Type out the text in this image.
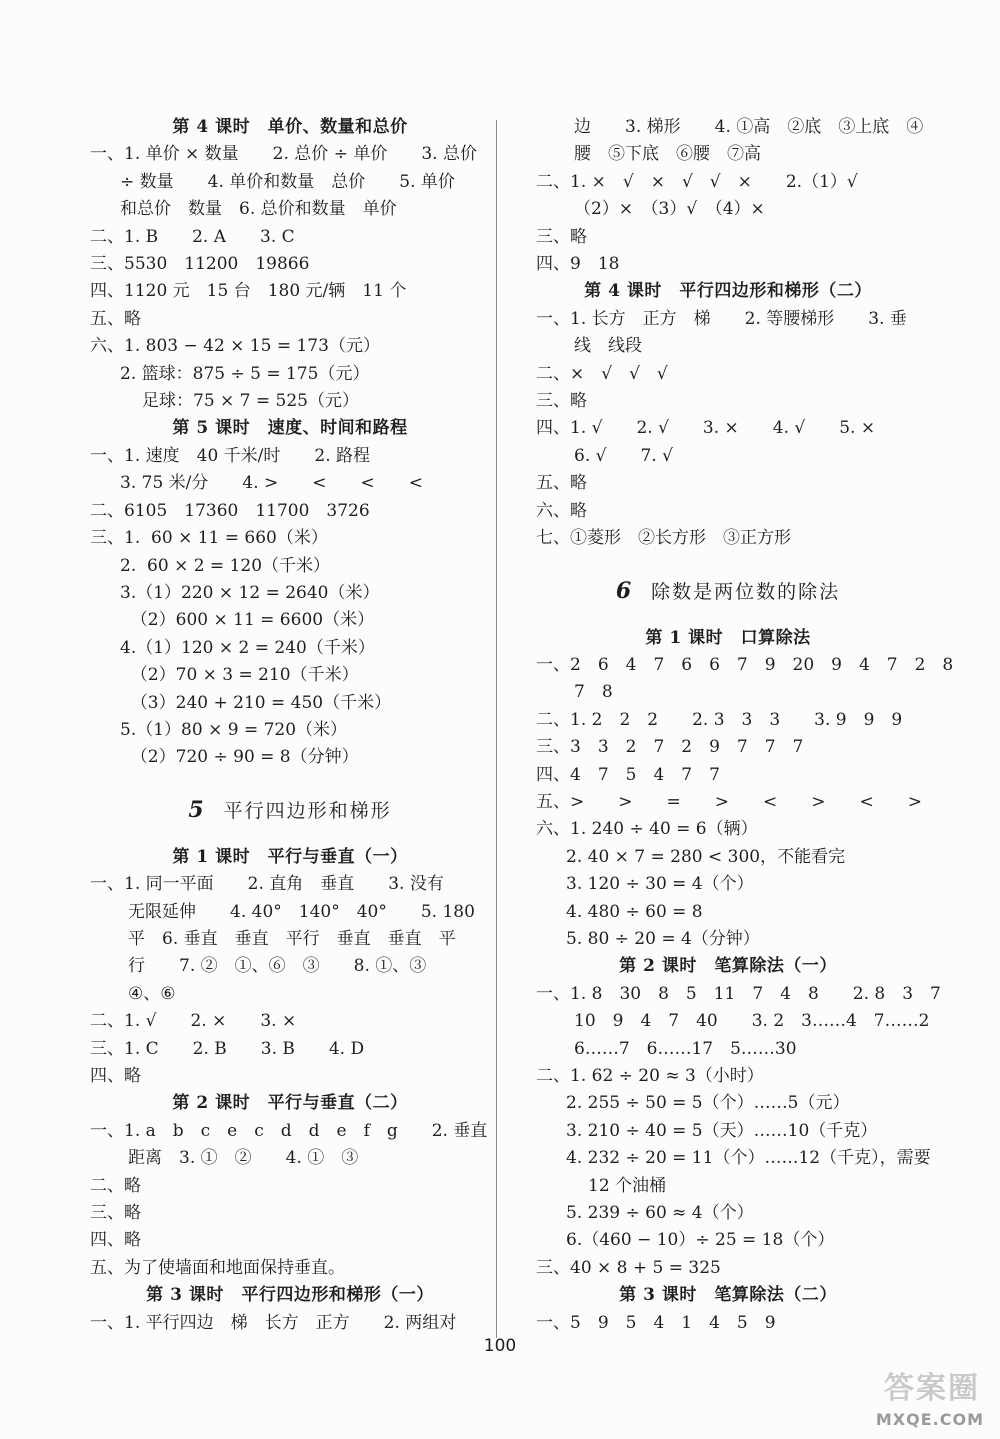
第 4 课时　单价、数量和总价
一、1. 单价 × 数量　　2. 总价 ÷ 单价　　3. 总价
÷ 数量　　4. 单价和数量　总价　　5. 单价
和总价　数量　6. 总价和数量　单价
二、1. B　　2. A　　3. C
三、5530　11200　19866
四、1120 元　15 台　180 元/辆　11 个
五、略
六、1. 803 − 42 × 15 = 173（元）
2. 篮球：875 ÷ 5 = 175（元）
足球：75 × 7 = 525（元）
第 5 课时　速度、时间和路程
一、1. 速度　40 千米/时　　2. 路程
3. 75 米/分　　4. >　　<　　<　　<
二、6105　17360　11700　3726
三、1.  60 × 11 = 660（米）
2.  60 × 2 = 120（千米）
3.（1）220 × 12 = 2640（米）
（2）600 × 11 = 6600（米）
4.（1）120 × 2 = 240（千米）
（2）70 × 3 = 210（千米）
（3）240 + 210 = 450（千米）
5.（1）80 × 9 = 720（米）
（2）720 ÷ 90 = 8（分钟）
5 平行四边形和梯形
第 1 课时　平行与垂直（一）
一、1. 同一平面　　2. 直角　垂直　　3. 没有
无限延伸　　4. 40°　140°　40°　　5. 180
平　6. 垂直　垂直　平行　垂直　垂直　平
行　　7. ②　①、⑥　③　　8. ①、③
④、⑥
二、1. √　　2. ×　　3. ×
三、1. C　　2. B　　3. B　　4. D
四、略
第 2 课时　平行与垂直（二）
一、1. a　b　c　e　c　d　d　e　f　g　　2. 垂直
距离　3. ①　②　　4. ①　③
二、略
三、略
四、略
五、为了使墙面和地面保持垂直。
第 3 课时　平行四边形和梯形（一）
一、1. 平行四边　梯　长方　正方　　2. 两组对
边　　3. 梯形　　4. ①高　②底　③上底　④
腰　⑤下底　⑥腰　⑦高
二、1. ×　√　×　√　√　×　　2.（1）√
（2）×　（3）√　（4）×
三、略
四、9　18
第 4 课时　平行四边形和梯形（二）
一、1. 长方　正方　梯　　2. 等腰梯形　　3. 垂
线　线段
二、×　√　√　√
三、略
四、1. √　　2. √　　3. ×　　4. √　　5. ×
6. √　　7. √
五、略
六、略
七、①菱形　②长方形　③正方形
6 除数是两位数的除法
第 1 课时　口算除法
一、2　6　4　7　6　6　7　9　20　9　4　7　2　8
7　8
二、1. 2　2　2　　2. 3　3　3　　3. 9　9　9
三、3　3　2　7　2　9　7　7　7
四、4　7　5　4　7　7
五、>　　>　　=　　>　　<　　>　　<　　>
六、1. 240 ÷ 40 = 6（辆）
2. 40 × 7 = 280 < 300，不能看完
3. 120 ÷ 30 = 4（个）
4. 480 ÷ 60 = 8
5. 80 ÷ 20 = 4（分钟）
第 2 课时　笔算除法（一）
一、1. 8　30　8　5　11　7　4　8　　2. 8　3　7
10　9　4　7　40　　3. 2　3……4　7……2
6……7　6……17　5……30
二、1. 62 ÷ 20 ≈ 3（小时）
2. 255 ÷ 50 = 5（个）……5（元）
3. 210 ÷ 40 = 5（天）……10（千克）
4. 232 ÷ 20 = 11（个）……12（千克），需要
12 个油桶
5. 239 ÷ 60 ≈ 4（个）
6.（460 − 10）÷ 25 = 18（个）
三、40 × 8 + 5 = 325
第 3 课时　笔算除法（二）
一、5　9　5　4　1　4　5　9
100
答案圈
MXQE.COM
